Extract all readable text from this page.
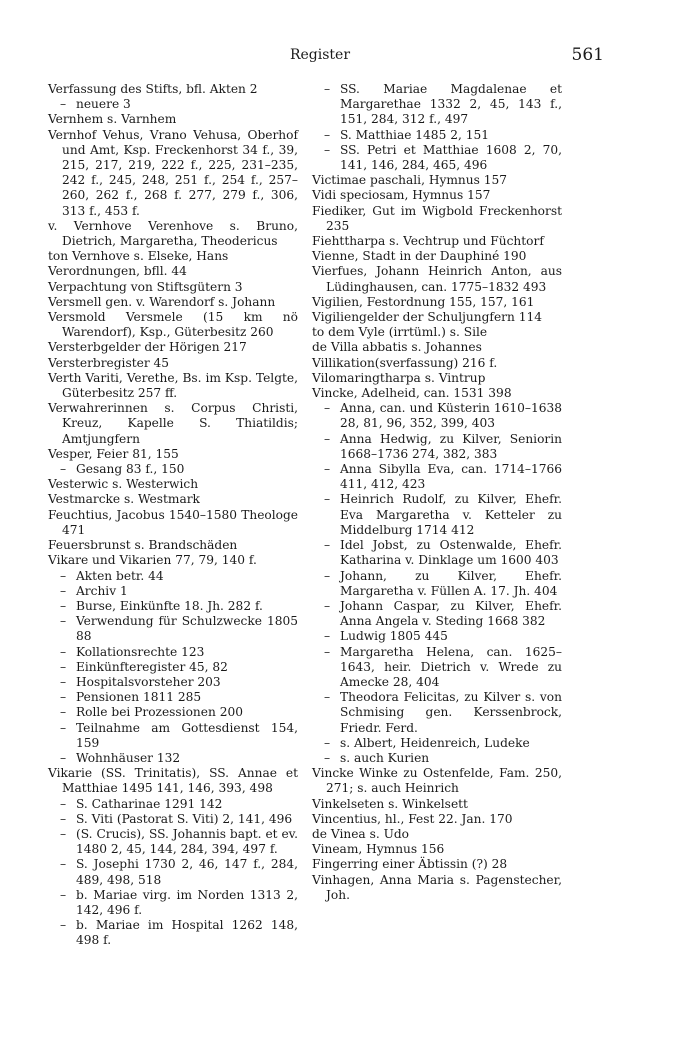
Register	561

Verfassung des Stifts, bfl. Akten 2

– neuere 3

Vernhem s. Varnhem

Vernhof Vehus, Vrano Vehusa, Oberhof und Amt, Ksp. Freckenhorst 34 f., 39, 215, 217, 219, 222 f., 225, 231–235, 242 f., 245, 248, 251 f., 254 f., 257–260, 262 f., 268 f. 277, 279 f., 306, 313 f., 453 f.

v. Vernhove Verenhove s. Bruno, Dietrich, Margaretha, Theodericus

ton Vernhove s. Elseke, Hans

Verordnungen, bfll. 44

Verpachtung von Stiftsgütern 3

Versmell gen. v. Warendorf s. Johann

Versmold Versmele (15 km nö Warendorf), Ksp., Güterbesitz 260

Versterbgelder der Hörigen 217

Versterbregister 45

Verth Variti, Verethe, Bs. im Ksp. Telgte, Güterbesitz 257 ff.

Verwahrerinnen s. Corpus Christi, Kreuz, Kapelle S. Thiatildis; Amtjungfern

Vesper, Feier 81, 155

– Gesang 83 f., 150

Vesterwic s. Westerwich

Vestmarcke s. Westmark

Feuchtius, Jacobus 1540–1580 Theologe 471

Feuersbrunst s. Brandschäden

Vikare und Vikarien 77, 79, 140 f.

– Akten betr. 44

– Archiv 1

– Burse, Einkünfte 18. Jh. 282 f.

– Verwendung für Schulzwecke 1805 88

– Kollationsrechte 123

– Einkünfteregister 45, 82

– Hospitalsvorsteher 203

– Pensionen 1811 285

– Rolle bei Prozessionen 200

– Teilnahme am Gottesdienst 154, 159

– Wohnhäuser 132

Vikarie (SS. Trinitatis), SS. Annae et Matthiae 1495 141, 146, 393, 498

– S. Catharinae 1291 142

– S. Viti (Pastorat S. Viti) 2, 141, 496

– (S. Crucis), SS. Johannis bapt. et ev. 1480 2, 45, 144, 284, 394, 497 f.

– S. Josephi 1730 2, 46, 147 f., 284, 489, 498, 518

– b. Mariae virg. im Norden 1313 2, 142, 496 f.

– b. Mariae im Hospital 1262 148, 498 f.

– SS. Mariae Magdalenae et Margarethae 1332 2, 45, 143 f., 151, 284, 312 f., 497

– S. Matthiae 1485 2, 151

– SS. Petri et Matthiae 1608 2, 70, 141, 146, 284, 465, 496

Victimae paschali, Hymnus 157

Vidi speciosam, Hymnus 157

Fiediker, Gut im Wigbold Freckenhorst 235

Fiehttharpa s. Vechtrup und Füchtorf

Vienne, Stadt in der Dauphiné 190

Vierfues, Johann Heinrich Anton, aus Lüdinghausen, can. 1775–1832 493

Vigilien, Festordnung 155, 157, 161

Vigiliengelder der Schuljungfern 114

to dem Vyle (irrtüml.) s. Sile

de Villa abbatis s. Johannes

Villikation(sverfassung) 216 f.

Vilomaringtharpa s. Vintrup

Vincke, Adelheid, can. 1531 398

– Anna, can. und Küsterin 1610–1638 28, 81, 96, 352, 399, 403

– Anna Hedwig, zu Kilver, Seniorin 1668–1736 274, 382, 383

– Anna Sibylla Eva, can. 1714–1766 411, 412, 423

– Heinrich Rudolf, zu Kilver, Ehefr. Eva Margaretha v. Ketteler zu Middelburg 1714 412

– Idel Jobst, zu Ostenwalde, Ehefr. Katharina v. Dinklage um 1600 403

– Johann, zu Kilver, Ehefr. Margaretha v. Füllen A. 17. Jh. 404

– Johann Caspar, zu Kilver, Ehefr. Anna Angela v. Steding 1668 382

– Ludwig 1805 445

– Margaretha Helena, can. 1625–1643, heir. Dietrich v. Wrede zu Amecke 28, 404

– Theodora Felicitas, zu Kilver s. von Schmising gen. Kerssenbrock, Friedr. Ferd.

– s. Albert, Heidenreich, Ludeke

– s. auch Kurien

Vincke Winke zu Ostenfelde, Fam. 250, 271; s. auch Heinrich

Vinkelseten s. Winkelsett

Vincentius, hl., Fest 22. Jan. 170

de Vinea s. Udo

Vineam, Hymnus 156

Fingerring einer Äbtissin (?) 28

Vinhagen, Anna Maria s. Pagenstecher, Joh.
